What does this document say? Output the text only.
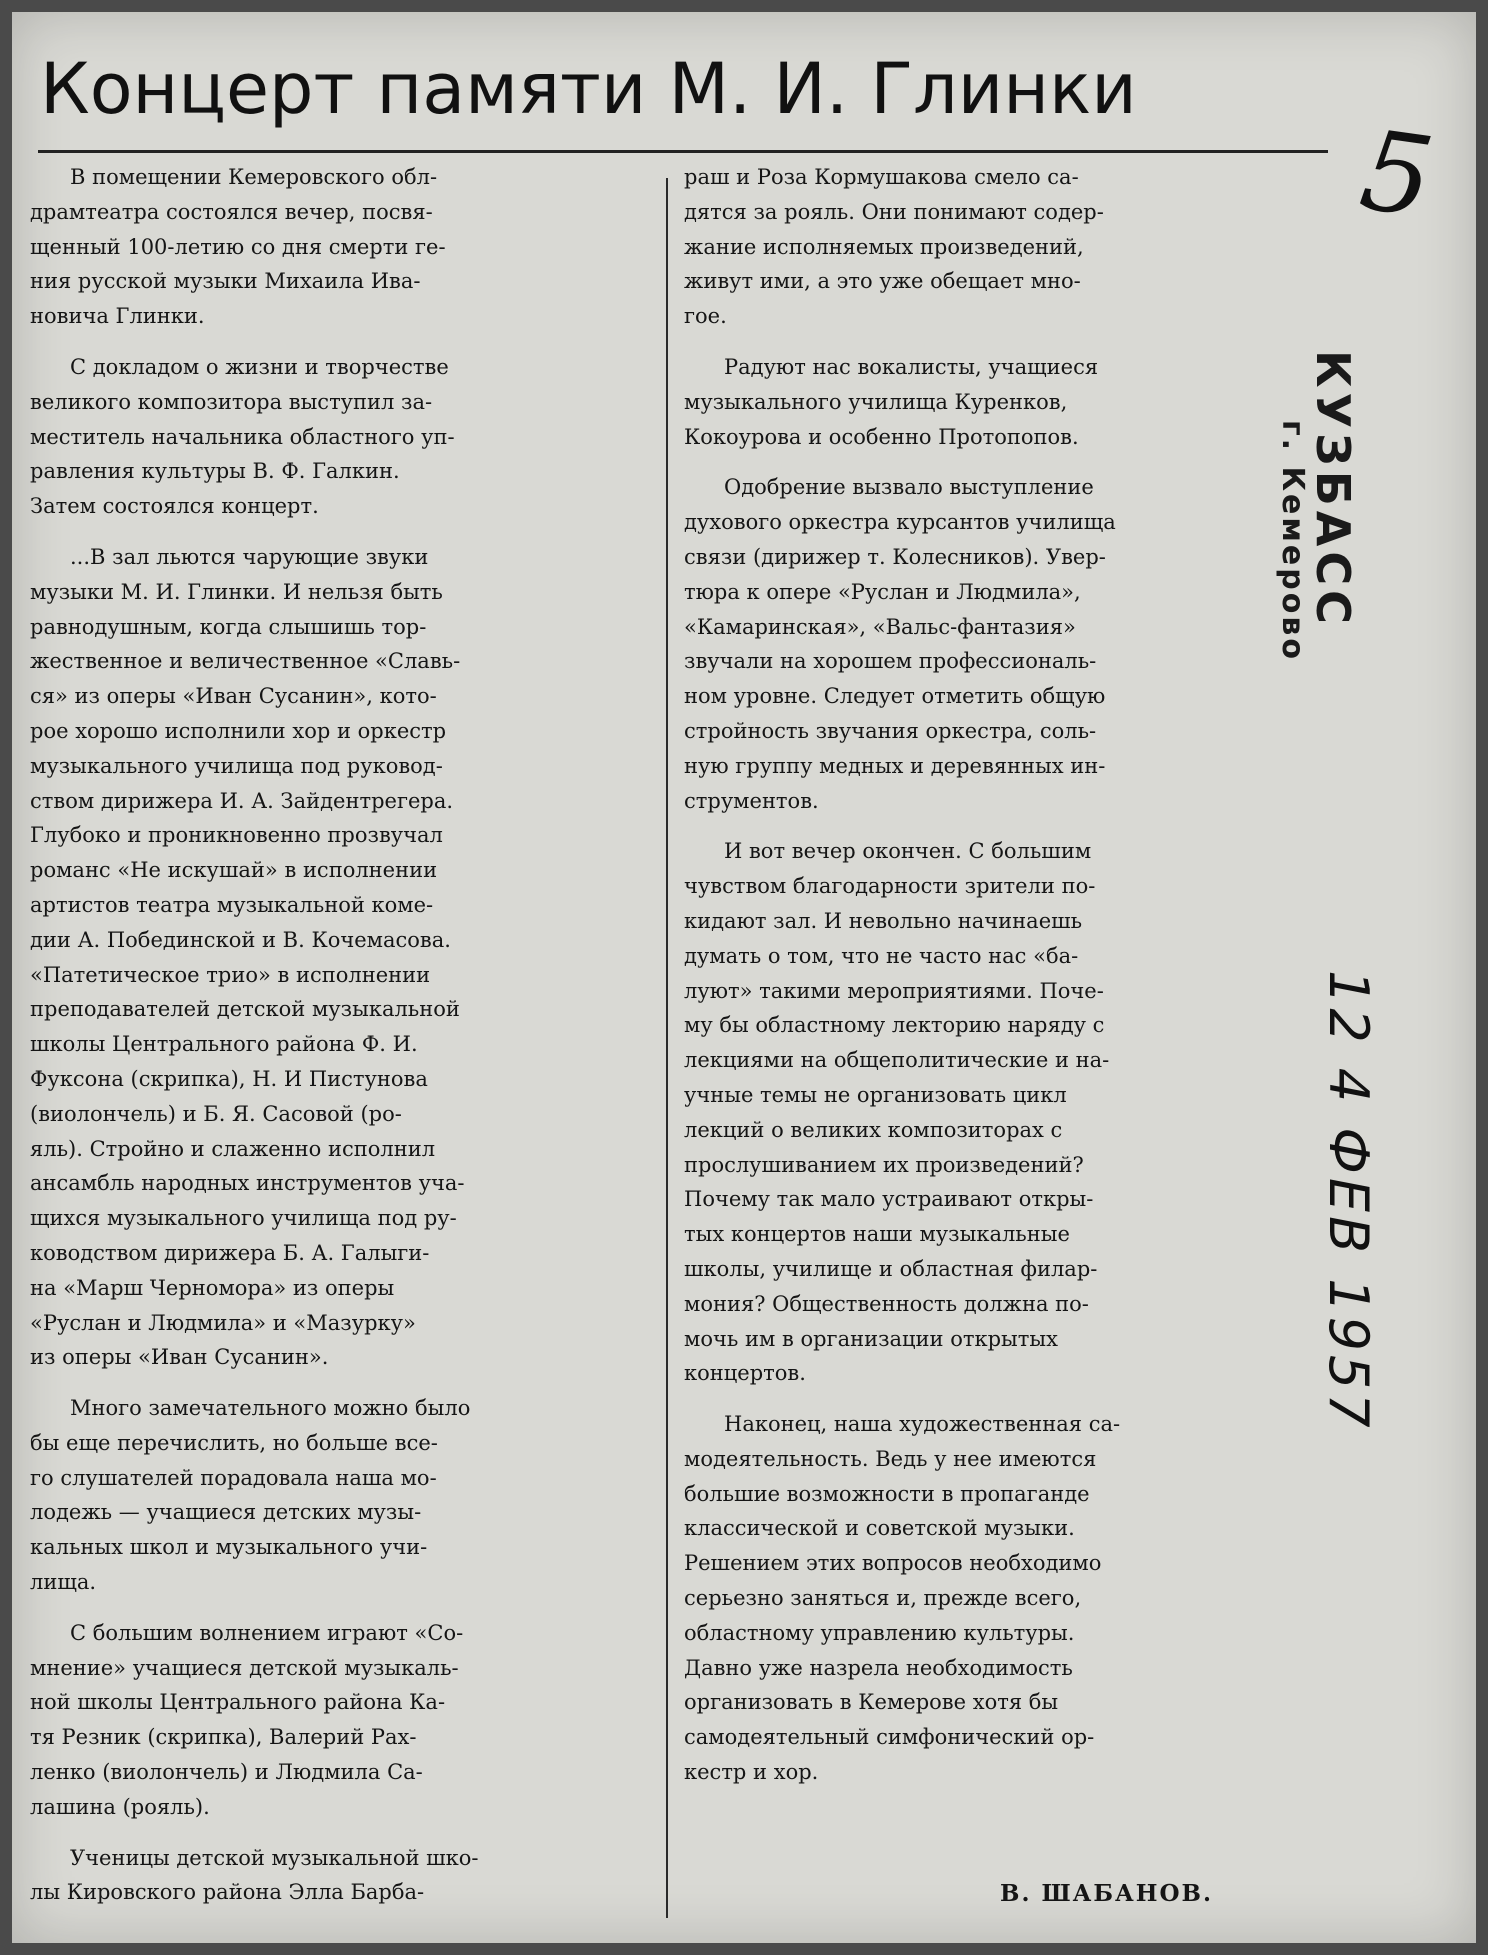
Концерт памяти М. И. Глинки
В помещении Кемеровского обл-
драмтеатра состоялся вечер, посвя-
щенный 100-летию со дня смерти ге-
ния русской музыки Михаила Ива-
новича Глинки.
С докладом о жизни и творчестве
великого композитора выступил за-
меститель начальника областного уп-
равления культуры В. Ф. Галкин.
Затем состоялся концерт.
...В зал льются чарующие звуки
музыки М. И. Глинки. И нельзя быть
равнодушным, когда слышишь тор-
жественное и величественное «Славь-
ся» из оперы «Иван Сусанин», кото-
рое хорошо исполнили хор и оркестр
музыкального училища под руковод-
ством дирижера И. А. Зайдентрегера.
Глубоко и проникновенно прозвучал
романс «Не искушай» в исполнении
артистов театра музыкальной коме-
дии А. Побединской и В. Кочемасова.
«Патетическое трио» в исполнении
преподавателей детской музыкальной
школы Центрального района Ф. И.
Фуксона (скрипка), Н. И Пистунова
(виолончель) и Б. Я. Сасовой (ро-
яль). Стройно и слаженно исполнил
ансамбль народных инструментов уча-
щихся музыкального училища под ру-
ководством дирижера Б. А. Галыги-
на «Марш Черномора» из оперы
«Руслан и Людмила» и «Мазурку»
из оперы «Иван Сусанин».
Много замечательного можно было
бы еще перечислить, но больше все-
го слушателей порадовала наша мо-
лодежь — учащиеся детских музы-
кальных школ и музыкального учи-
лища.
С большим волнением играют «Со-
мнение» учащиеся детской музыкаль-
ной школы Центрального района Ка-
тя Резник (скрипка), Валерий Рах-
ленко (виолончель) и Людмила Са-
лашина (рояль).
Ученицы детской музыкальной шко-
лы Кировского района Элла Барба-
раш и Роза Кормушакова смело са-
дятся за рояль. Они понимают содер-
жание исполняемых произведений,
живут ими, а это уже обещает мно-
гое.
Радуют нас вокалисты, учащиеся
музыкального училища Куренков,
Кокоурова и особенно Протопопов.
Одобрение вызвало выступление
духового оркестра курсантов училища
связи (дирижер т. Колесников). Увер-
тюра к опере «Руслан и Людмила»,
«Камаринская», «Вальс-фантазия»
звучали на хорошем профессиональ-
ном уровне. Следует отметить общую
стройность звучания оркестра, соль-
ную группу медных и деревянных ин-
струментов.
И вот вечер окончен. С большим
чувством благодарности зрители по-
кидают зал. И невольно начинаешь
думать о том, что не часто нас «ба-
луют» такими мероприятиями. Поче-
му бы областному лекторию наряду с
лекциями на общеполитические и на-
учные темы не организовать цикл
лекций о великих композиторах с
прослушиванием их произведений?
Почему так мало устраивают откры-
тых концертов наши музыкальные
школы, училище и областная филар-
мония? Общественность должна по-
мочь им в организации открытых
концертов.
Наконец, наша художественная са-
модеятельность. Ведь у нее имеются
большие возможности в пропаганде
классической и советской музыки.
Решением этих вопросов необходимо
серьезно заняться и, прежде всего,
областному управлению культуры.
Давно уже назрела необходимость
организовать в Кемерове хотя бы
самодеятельный симфонический ор-
кестр и хор.
В. ШАБАНОВ.
5
КУЗБАСС
г. Кемерово
12 4 ФЕВ 1957
